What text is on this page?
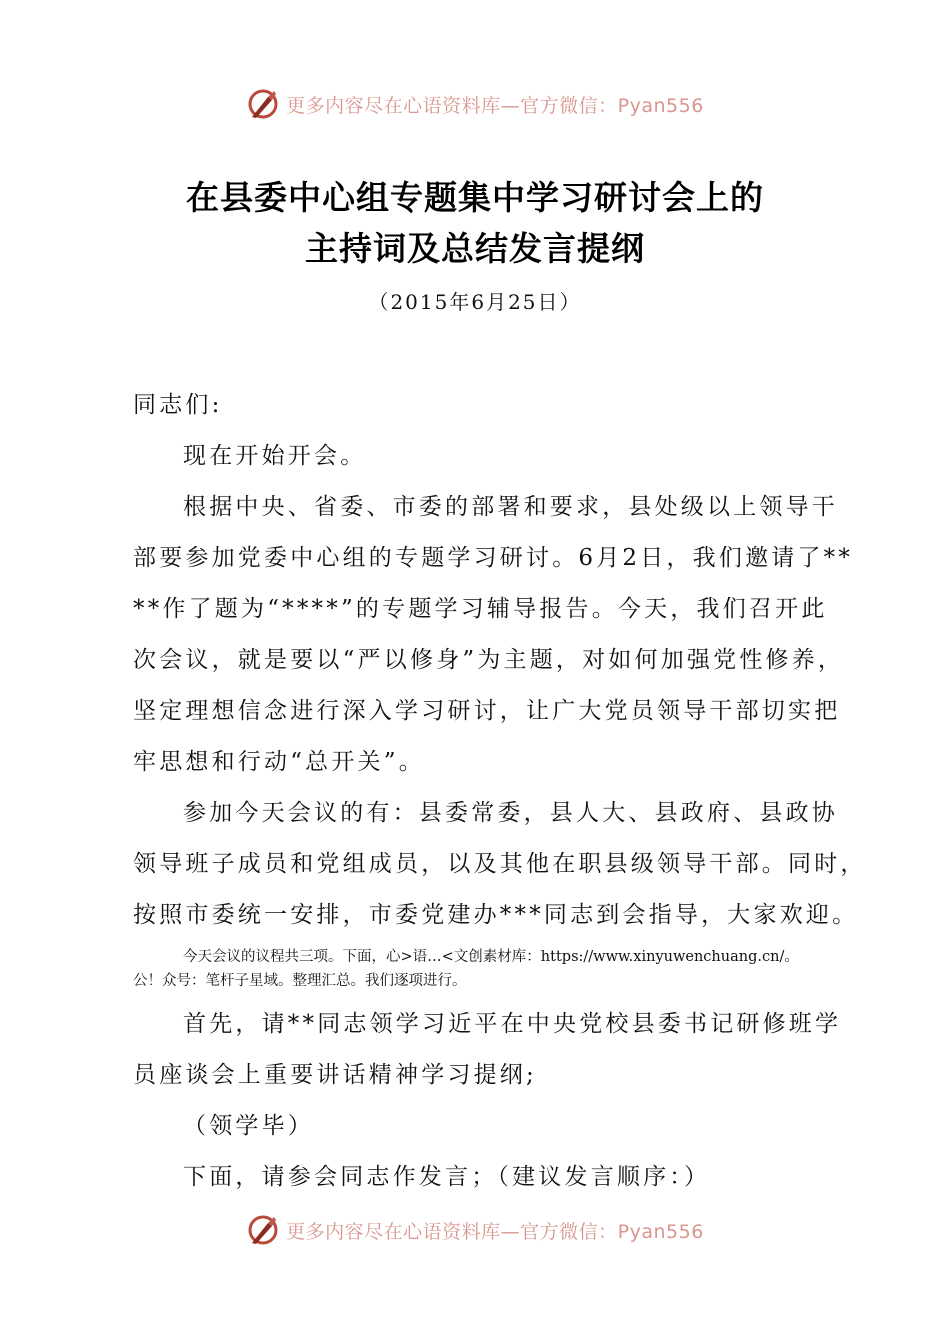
更多内容尽在心语资料库—官方微信：Pyan556
在县委中心组专题集中学习研讨会上的
主持词及总结发言提纲
（2015年6月25日）
同志们:
现在开始开会。
根据中央、省委、市委的部署和要求，县处级以上领导干
部要参加党委中心组的专题学习研讨。6月2日，我们邀请了**
**作了题为“****”的专题学习辅导报告。今天，我们召开此
次会议，就是要以“严以修身”为主题，对如何加强党性修养，
坚定理想信念进行深入学习研讨，让广大党员领导干部切实把
牢思想和行动“总开关”。
参加今天会议的有：县委常委，县人大、县政府、县政协
领导班子成员和党组成员，以及其他在职县级领导干部。同时，
按照市委统一安排，市委党建办***同志到会指导，大家欢迎。
今天会议的议程共三项。下面，心>语…<文创素材库：https://www.xinyuwenchuang.cn/。
公！众号：笔杆子星域。整理汇总。我们逐项进行。
首先，请**同志领学习近平在中央党校县委书记研修班学
员座谈会上重要讲话精神学习提纲;
（领学毕）
下面，请参会同志作发言；（建议发言顺序：）
更多内容尽在心语资料库—官方微信：Pyan556
